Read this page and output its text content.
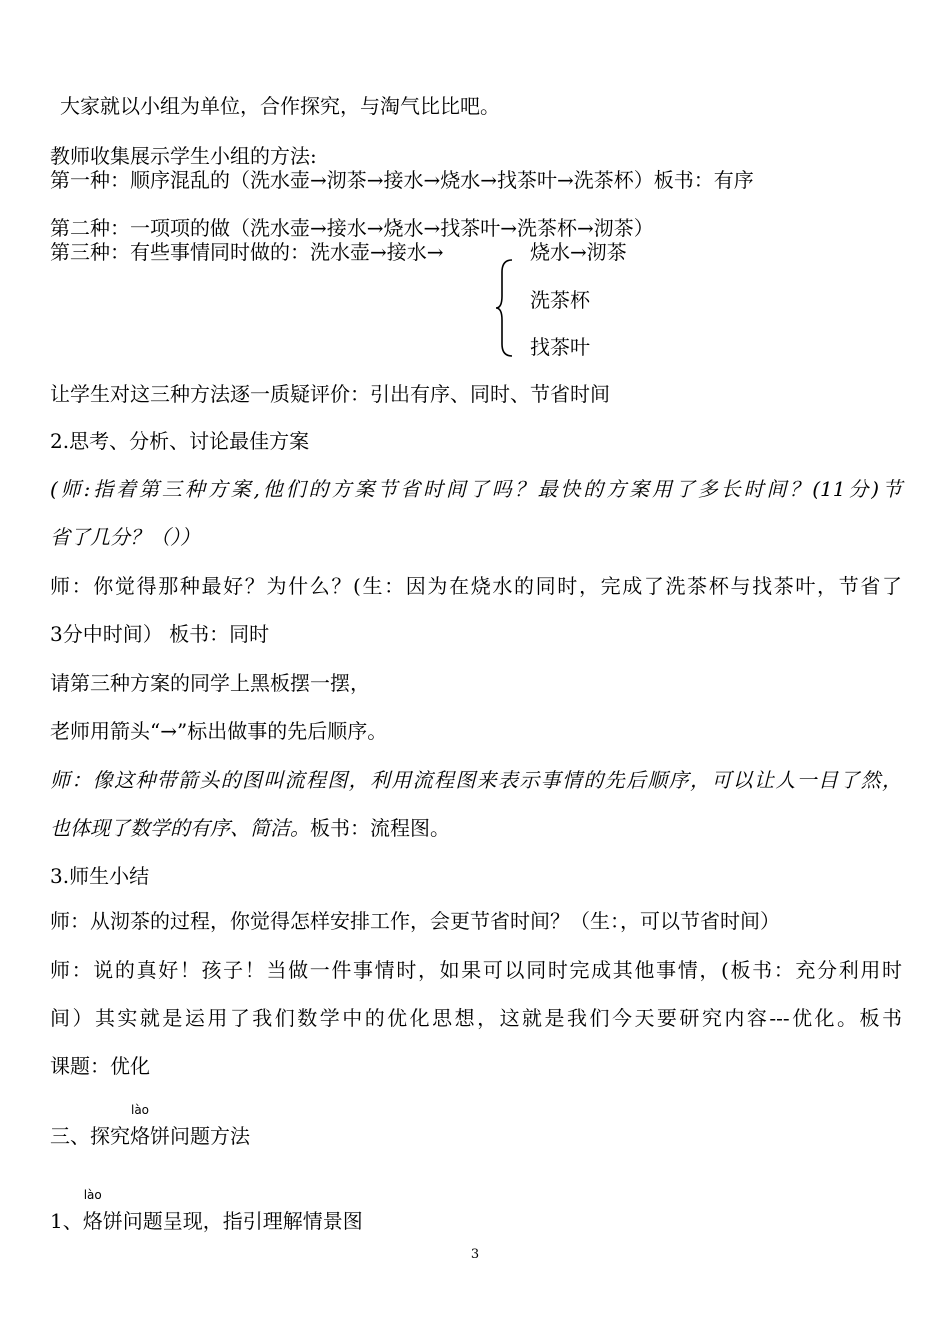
大家就以小组为单位，合作探究，与淘气比比吧。
教师收集展示学生小组的方法:
第一种：顺序混乱的（洗水壶→沏茶→接水→烧水→找茶叶→洗茶杯）板书：有序
第二种：一项项的做（洗水壶→接水→烧水→找茶叶→洗茶杯→沏茶）
第三种：有些事情同时做的：洗水壶→接水→	烧水→沏茶
洗茶杯
找茶叶
让学生对这三种方法逐一质疑评价：引出有序、同时、节省时间
2.思考、分析、讨论最佳方案
(师:指着第三种方案,他们的方案节省时间了吗？最快的方案用了多长时间？(11分)节
省了几分？（））
师：你觉得那种最好？为什么？(生：因为在烧水的同时，完成了洗茶杯与找茶叶，节省了
3分中时间） 板书：同时
请第三种方案的同学上黑板摆一摆，
老师用箭头“→”标出做事的先后顺序。
师：像这种带箭头的图叫流程图，利用流程图来表示事情的先后顺序，可以让人一目了然，
也体现了数学的有序、简洁。板书：流程图。
3.师生小结
师：从沏茶的过程，你觉得怎样安排工作，会更节省时间？（生：，可以节省时间）
师：说的真好！孩子！当做一件事情时，如果可以同时完成其他事情，(板书：充分利用时
间）其实就是运用了我们数学中的优化思想，这就是我们今天要研究内容---优化。板书
课题：优化
三、探究
lào
烙饼问题方法
1、
lào
烙饼问题呈现，指引理解情景图
3
